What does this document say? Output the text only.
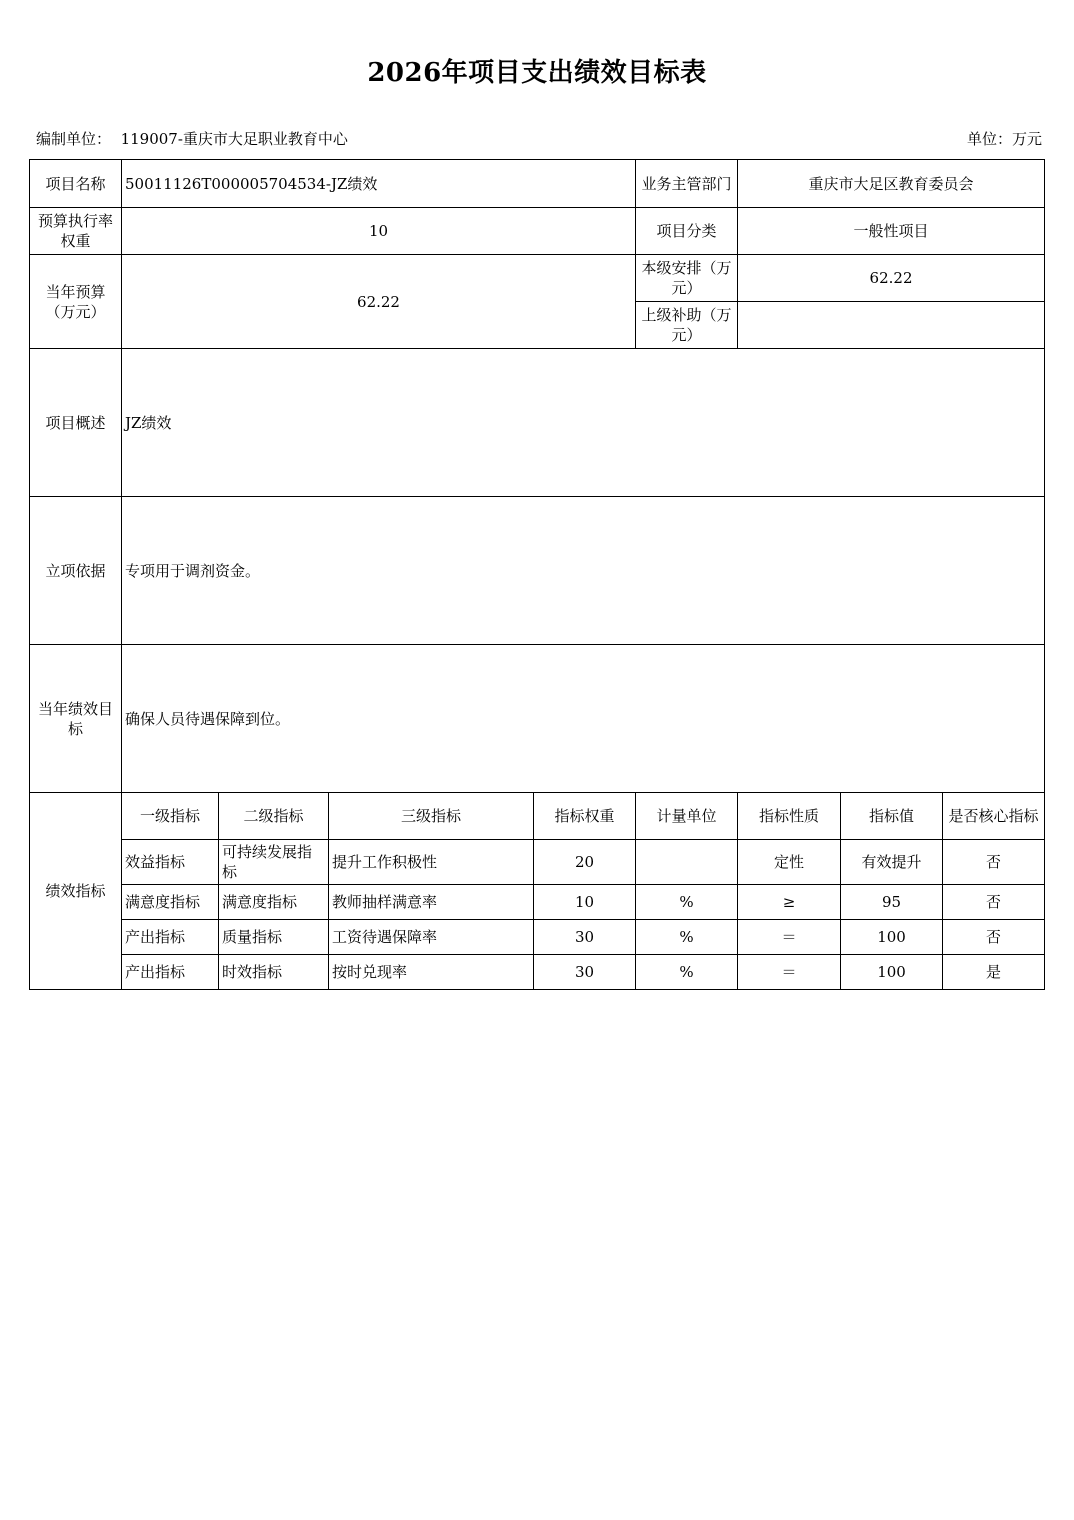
2026年项目支出绩效目标表
编制单位： 119007-重庆市大足职业教育中心	单位：万元
项目名称	50011126T000005704534-JZ绩效				业务主管部门	重庆市大足区教育委员会		
预算执行率权重	10				项目分类	一般性项目		
当年预算（万元）	62.22				本级安排（万元）	62.22		
					上级补助（万元）			
项目概述	JZ绩效							
立项依据	专项用于调剂资金。							
当年绩效目标	确保人员待遇保障到位。							
绩效指标	一级指标	二级指标	三级指标	指标权重	计量单位	指标性质	指标值	是否核心指标
	效益指标	可持续发展指标	提升工作积极性	20		定性	有效提升	否
	满意度指标	满意度指标	教师抽样满意率	10	%	≥	95	否
	产出指标	质量指标	工资待遇保障率	30	%	＝	100	否
	产出指标	时效指标	按时兑现率	30	%	＝	100	是
